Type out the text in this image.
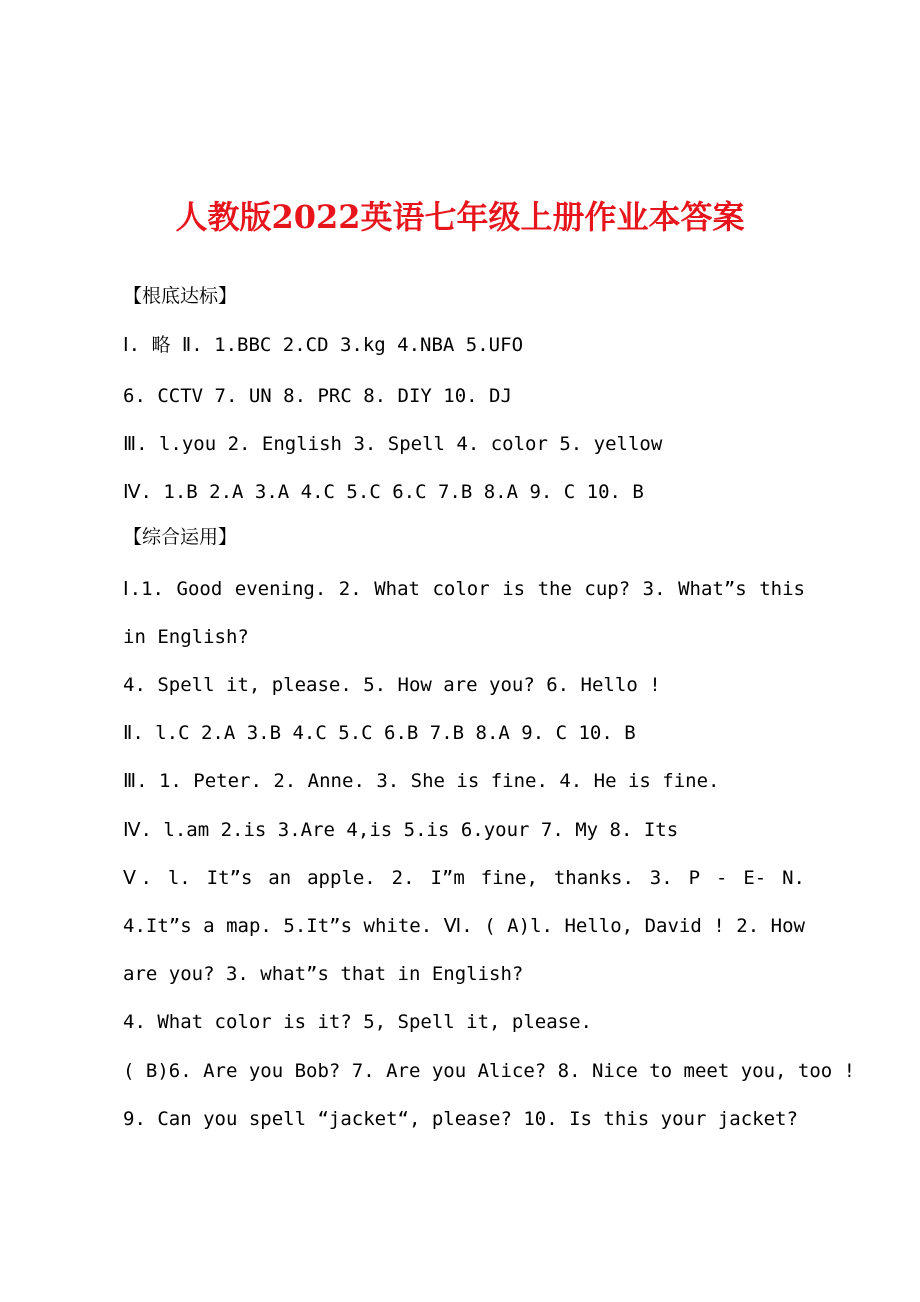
人教版2022英语七年级上册作业本答案
【根底达标】
Ⅰ. 略 Ⅱ. 1.BBC 2.CD 3.kg 4.NBA 5.UFO
6. CCTV 7. UN 8. PRC 8. DIY 10. DJ
Ⅲ. l.you 2. English 3. Spell 4. color 5. yellow
Ⅳ. 1.B 2.A 3.A 4.C 5.C 6.C 7.B 8.A 9. C 10. B
【综合运用】
Ⅰ.1. Good evening. 2. What color is the cup? 3. What”s this
in English?
4. Spell it, please. 5. How are you? 6. Hello !
Ⅱ. l.C 2.A 3.B 4.C 5.C 6.B 7.B 8.A 9. C 10. B
Ⅲ. 1. Peter. 2. Anne. 3. She is fine. 4. He is fine.
Ⅳ. l.am 2.is 3.Are 4,is 5.is 6.your 7. My 8. Its
Ⅴ. l. It”s an apple. 2. I”m fine, thanks. 3. P - E- N.
4.It”s a map. 5.It”s white. Ⅵ. ( A)l. Hello, David ! 2. How
are you? 3. what”s that in English?
4. What color is it? 5, Spell it, please.
( B)6. Are you Bob? 7. Are you Alice? 8. Nice to meet you, too !
9. Can you spell “jacket“, please? 10. Is this your jacket?
